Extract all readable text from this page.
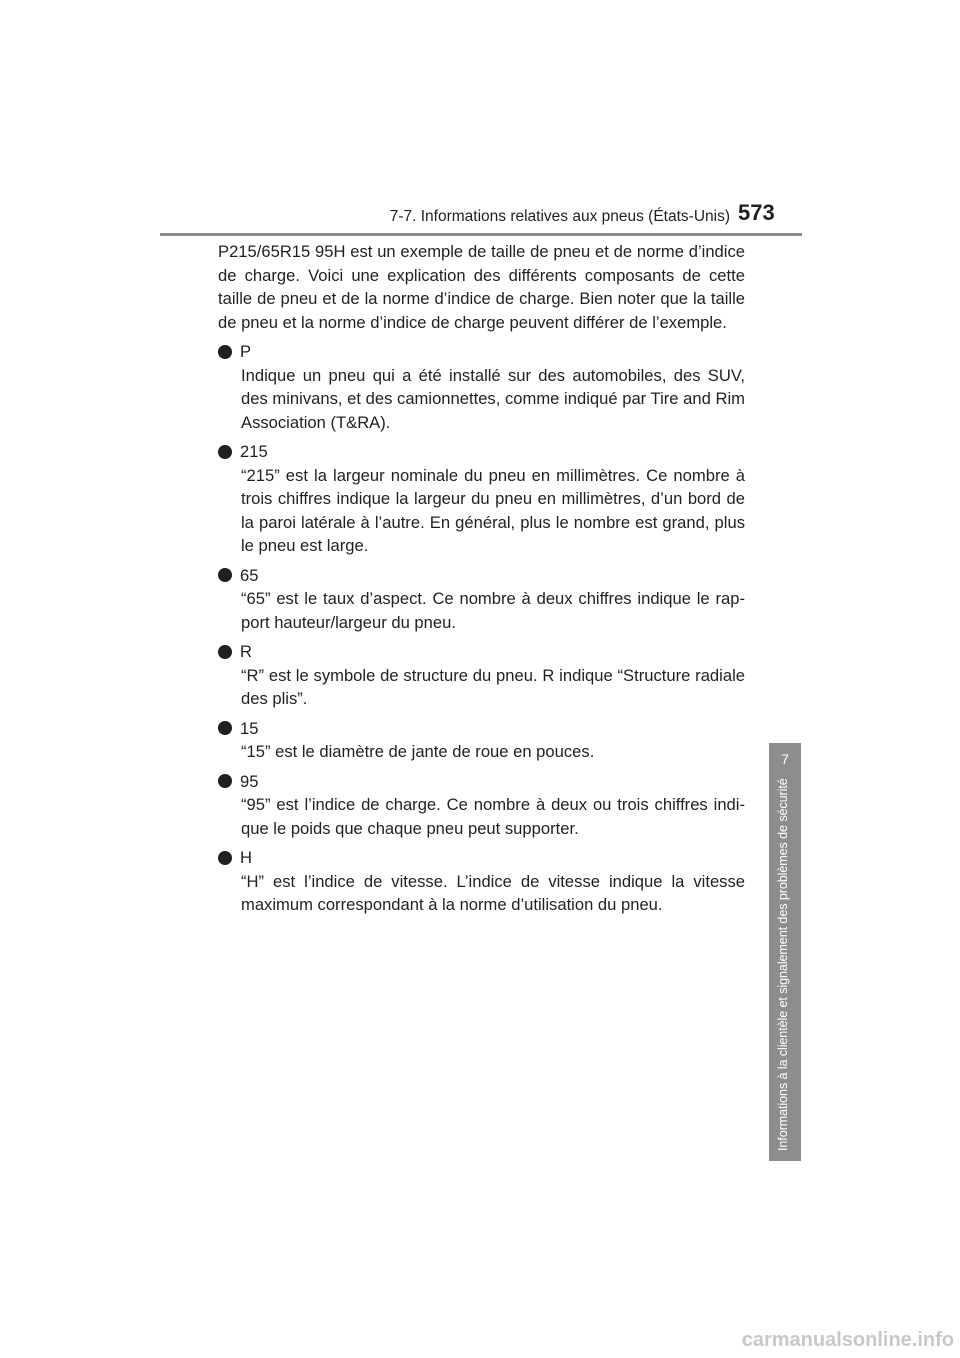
7-7. Informations relatives aux pneus (États-Unis) 573
7
Informations à la clientèle et signalement des problèmes de sécurité

P215/65R15 95H est un exemple de taille de pneu et de norme d’indice de charge. Voici une explication des différents composants de cette taille de pneu et de la norme d’indice de charge. Bien noter que la taille de pneu et la norme d’indice de charge peuvent différer de l’exemple.

P
Indique un pneu qui a été installé sur des automobiles, des SUV, des minivans, et des camionnettes, comme indiqué par Tire and Rim Association (T&RA).
215
“215” est la largeur nominale du pneu en millimètres. Ce nombre à trois chiffres indique la largeur du pneu en millimètres, d’un bord de la paroi latérale à l’autre. En général, plus le nombre est grand, plus le pneu est large.
65
“65” est le taux d’aspect. Ce nombre à deux chiffres indique le rap-port hauteur/largeur du pneu.
R
“R” est le symbole de structure du pneu. R indique “Structure radiale des plis”.
15
“15” est le diamètre de jante de roue en pouces.
95
“95” est l’indice de charge. Ce nombre à deux ou trois chiffres indi-que le poids que chaque pneu peut supporter.
H
“H” est l’indice de vitesse. L’indice de vitesse indique la vitesse maximum correspondant à la norme d’utilisation du pneu.
carmanualsonline.info
